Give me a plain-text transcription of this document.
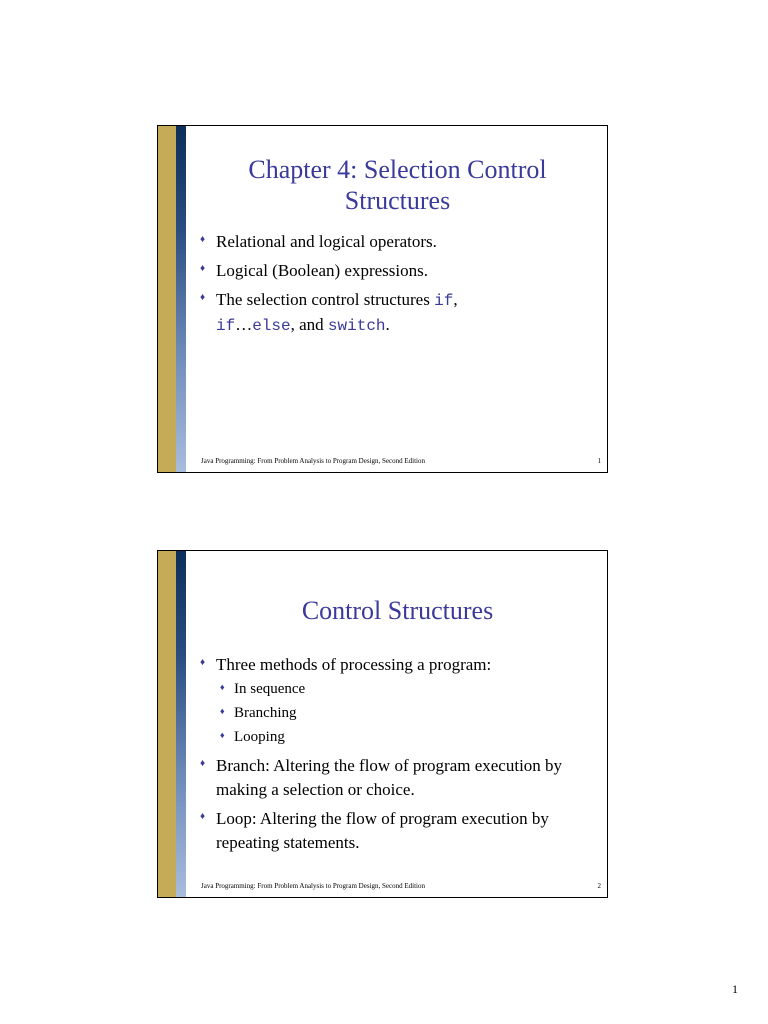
Chapter 4: Selection Control
Structures
♦ Relational and logical operators.
♦ Logical (Boolean) expressions.
♦ The selection control structures if,
if…else, and switch.
Java Programming: From Problem Analysis to Program Design, Second Edition	1
Control Structures
♦ Three methods of processing a program:
♦ In sequence
♦ Branching
♦ Looping
♦ Branch: Altering the flow of program execution by making a selection or choice.
♦ Loop: Altering the flow of program execution by repeating statements.
Java Programming: From Problem Analysis to Program Design, Second Edition	2
1
